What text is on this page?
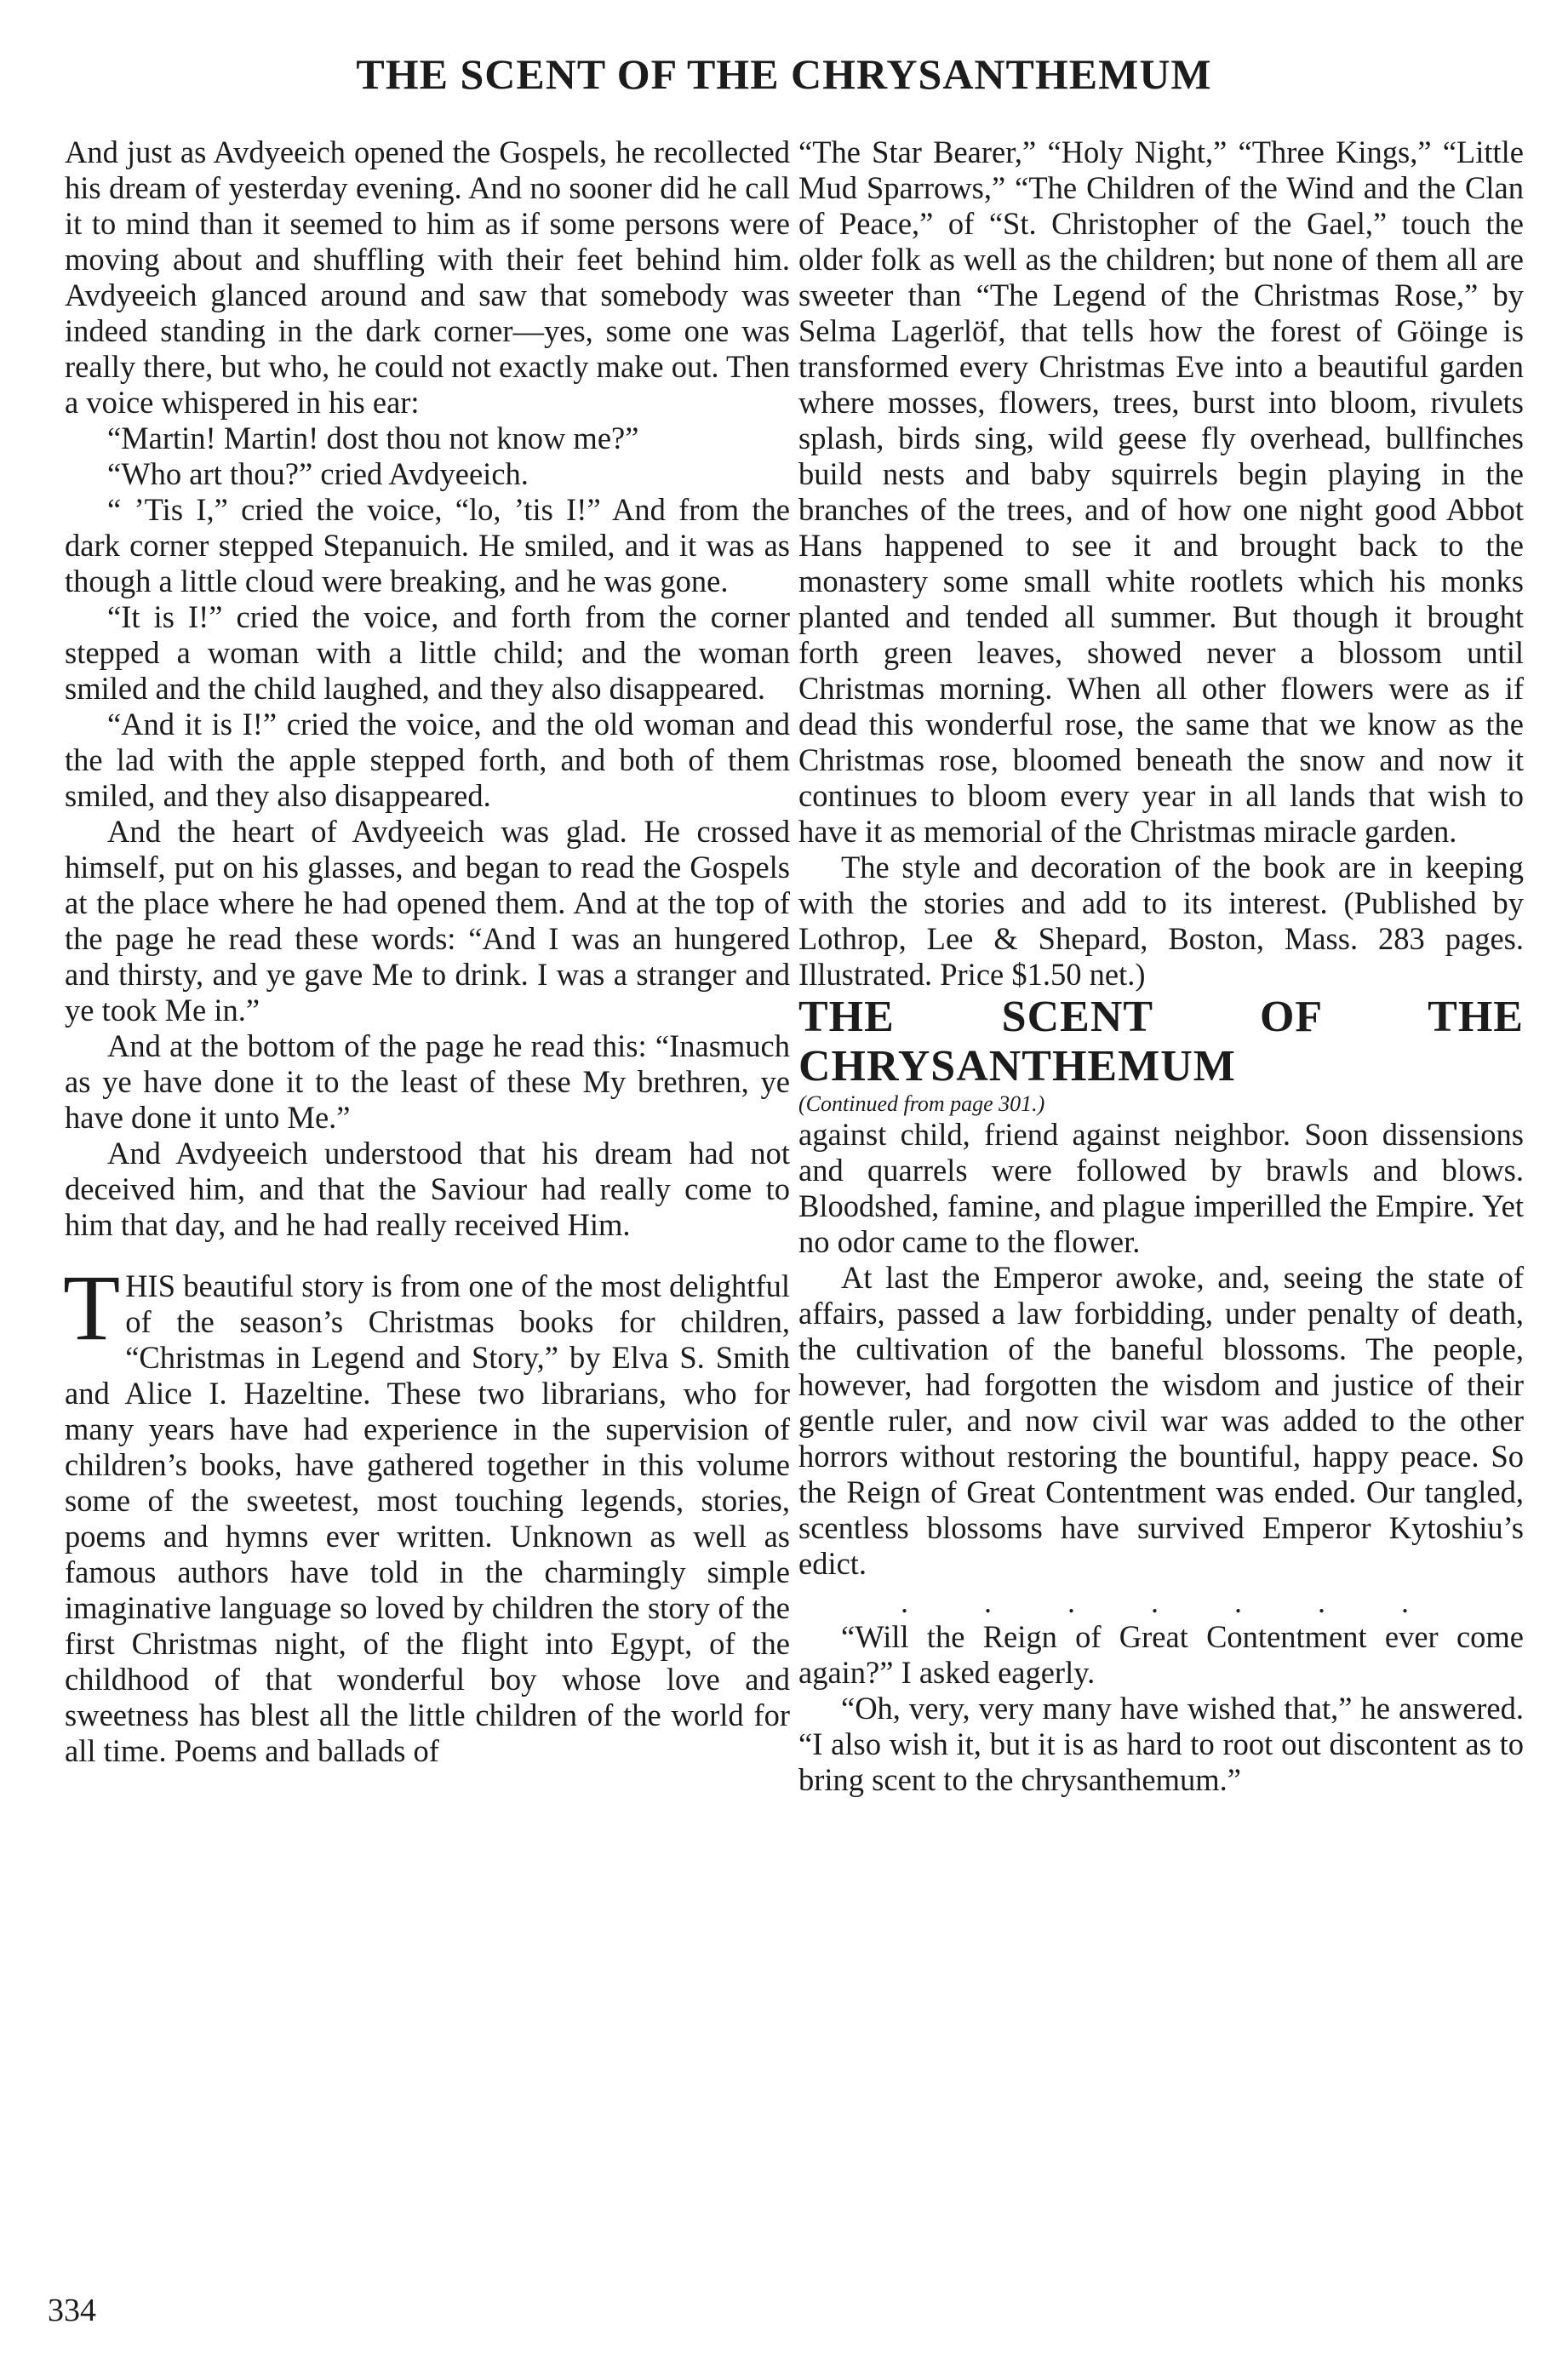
THE SCENT OF THE CHRYSANTHEMUM

And just as Avdyeeich opened the Gospels, he recollected his dream of yesterday evening. And no sooner did he call it to mind than it seemed to him as if some persons were moving about and shuffling with their feet behind him. Avdyeeich glanced around and saw that somebody was indeed standing in the dark corner—yes, some one was really there, but who, he could not exactly make out. Then a voice whispered in his ear:

“Martin! Martin! dost thou not know me?”

“Who art thou?” cried Avdyeeich.

“ ’Tis I,” cried the voice, “lo, ’tis I!” And from the dark corner stepped Stepanuich. He smiled, and it was as though a little cloud were breaking, and he was gone.

“It is I!” cried the voice, and forth from the corner stepped a woman with a little child; and the woman smiled and the child laughed, and they also disappeared.

“And it is I!” cried the voice, and the old woman and the lad with the apple stepped forth, and both of them smiled, and they also disappeared.

And the heart of Avdyeeich was glad. He crossed himself, put on his glasses, and began to read the Gospels at the place where he had opened them. And at the top of the page he read these words: “And I was an hungered and thirsty, and ye gave Me to drink. I was a stranger and ye took Me in.”

And at the bottom of the page he read this: “Inasmuch as ye have done it to the least of these My brethren, ye have done it unto Me.”

And Avdyeeich understood that his dream had not deceived him, and that the Saviour had really come to him that day, and he had really received Him.

THIS beautiful story is from one of the most delightful of the season’s Christmas books for children, “Christmas in Legend and Story,” by Elva S. Smith and Alice I. Hazeltine. These two librarians, who for many years have had experience in the supervision of children’s books, have gathered together in this volume some of the sweetest, most touching legends, stories, poems and hymns ever written. Unknown as well as famous authors have told in the charmingly simple imaginative language so loved by children the story of the first Christmas night, of the flight into Egypt, of the childhood of that wonderful boy whose love and sweetness has blest all the little children of the world for all time. Poems and ballads of

“The Star Bearer,” “Holy Night,” “Three Kings,” “Little Mud Sparrows,” “The Children of the Wind and the Clan of Peace,” of “St. Christopher of the Gael,” touch the older folk as well as the children; but none of them all are sweeter than “The Legend of the Christmas Rose,” by Selma Lagerlöf, that tells how the forest of Göinge is transformed every Christmas Eve into a beautiful garden where mosses, flowers, trees, burst into bloom, rivulets splash, birds sing, wild geese fly overhead, bullfinches build nests and baby squirrels begin playing in the branches of the trees, and of how one night good Abbot Hans happened to see it and brought back to the monastery some small white rootlets which his monks planted and tended all summer. But though it brought forth green leaves, showed never a blossom until Christmas morning. When all other flowers were as if dead this wonderful rose, the same that we know as the Christmas rose, bloomed beneath the snow and now it continues to bloom every year in all lands that wish to have it as memorial of the Christmas miracle garden.

The style and decoration of the book are in keeping with the stories and add to its interest. (Published by Lothrop, Lee & Shepard, Boston, Mass. 283 pages. Illustrated. Price $1.50 net.)

THE SCENT OF THE CHRYSANTHEMUM

(Continued from page 301.)

against child, friend against neighbor. Soon dissensions and quarrels were followed by brawls and blows. Bloodshed, famine, and plague imperilled the Empire. Yet no odor came to the flower.

At last the Emperor awoke, and, seeing the state of affairs, passed a law forbidding, under penalty of death, the cultivation of the baneful blossoms. The people, however, had forgotten the wisdom and justice of their gentle ruler, and now civil war was added to the other horrors without restoring the bountiful, happy peace. So the Reign of Great Contentment was ended. Our tangled, scentless blossoms have survived Emperor Kytoshiu’s edict.

. . . . . . .

“Will the Reign of Great Contentment ever come again?” I asked eagerly.

“Oh, very, very many have wished that,” he answered. “I also wish it, but it is as hard to root out discontent as to bring scent to the chrysanthemum.”

334
